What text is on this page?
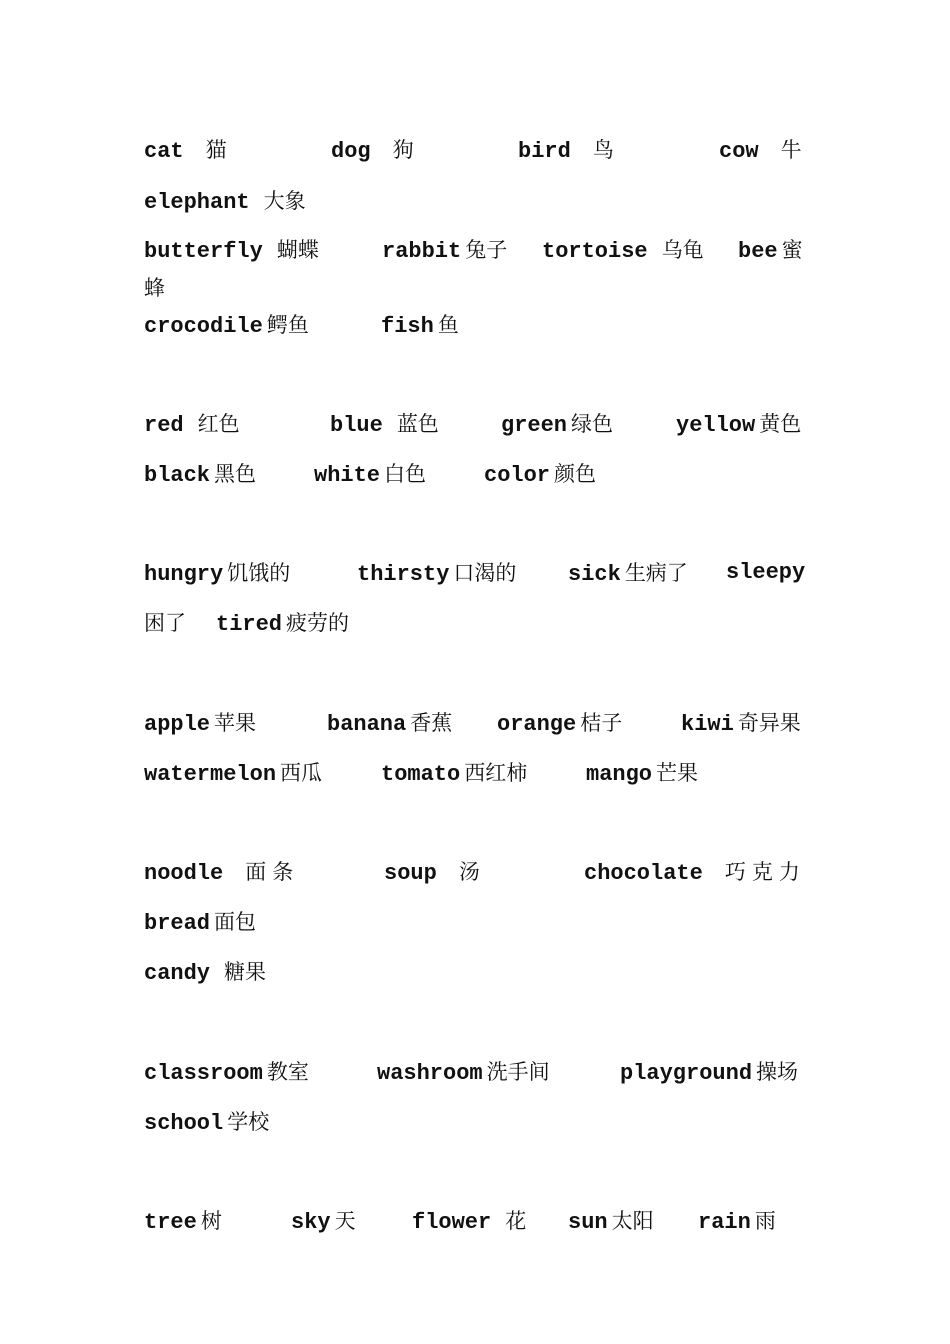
cat 猫	dog 狗	bird 鸟	cow 牛
elephant 大象
butterfly 蝴蝶	rabbit 兔子 tortoise 乌龟 bee 蜜
蜂
crocodile 鳄鱼	fish 鱼
red 红色	blue 蓝色	green 绿色	yellow 黄色
black 黑色	white 白色	color 颜色
hungry 饥饿的	thirsty 口渴的 sick 生病了 sleepy
困了 tired 疲劳的
apple 苹果	banana 香蕉 orange 桔子	kiwi 奇异果
watermelon 西瓜	tomato 西红柿	mango 芒果
noodle 面条	soup 汤	chocolate 巧克力
bread 面包
candy 糖果
classroom 教室	washroom 洗手间	playground 操场
school 学校
tree 树	sky 天	flower 花 sun 太阳 rain 雨
